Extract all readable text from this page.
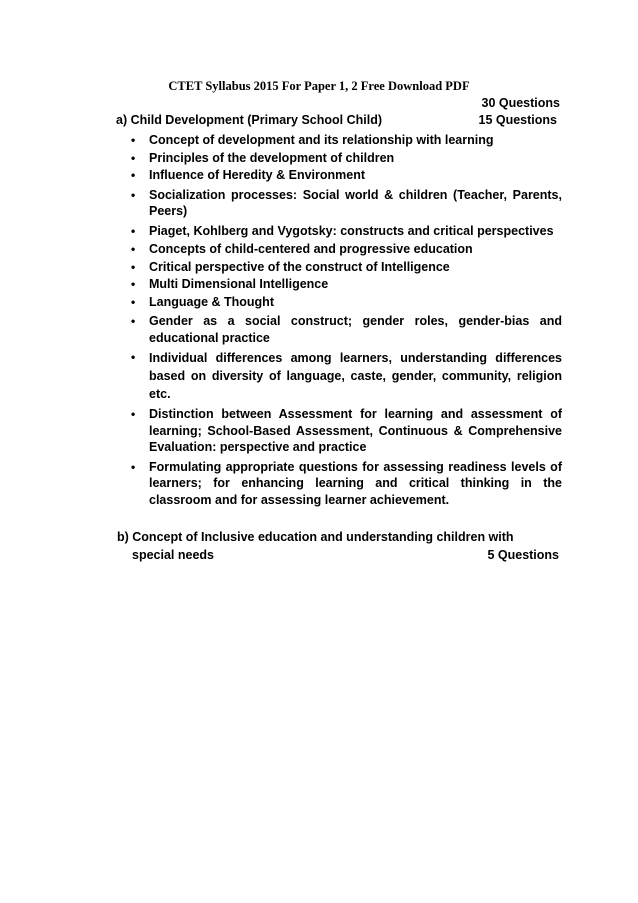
CTET Syllabus 2015 For Paper 1, 2 Free Download PDF
30 Questions
a) Child Development (Primary School Child)	15 Questions
• Concept of development and its relationship with learning
• Principles of the development of children
• Influence of Heredity & Environment
• Socialization processes: Social world & children (Teacher, Parents, Peers)
• Piaget, Kohlberg and Vygotsky: constructs and critical perspectives
• Concepts of child-centered and progressive education
• Critical perspective of the construct of Intelligence
• Multi Dimensional Intelligence
• Language & Thought
• Gender as a social construct; gender roles, gender-bias and educational practice
• Individual differences among learners, understanding differences based on diversity of language, caste, gender, community, religion etc.
• Distinction between Assessment for learning and assessment of learning; School-Based Assessment, Continuous & Comprehensive Evaluation: perspective and practice
• Formulating appropriate questions for assessing readiness levels of learners; for enhancing learning and critical thinking in the classroom and for assessing learner achievement.
b) Concept of Inclusive education and understanding children with
special needs	5 Questions
